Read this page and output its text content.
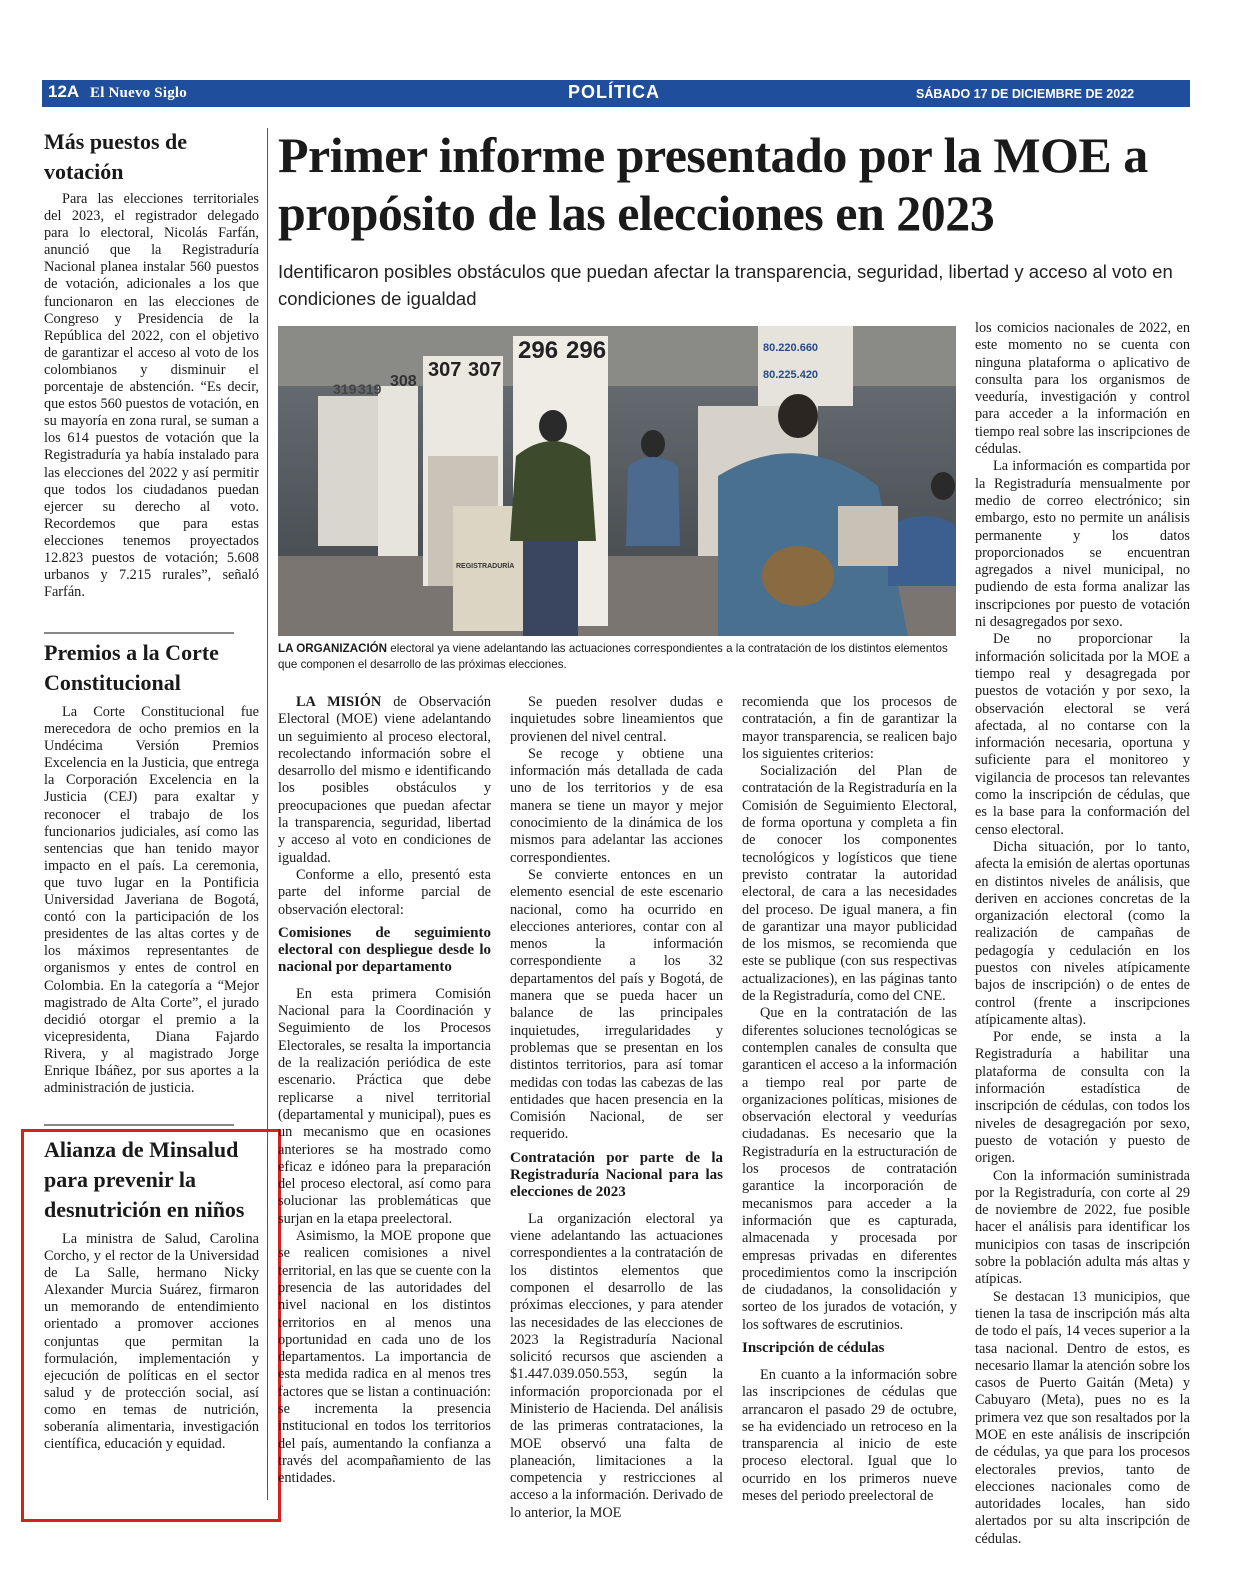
12A El Nuevo Siglo	POLÍTICA	SÁBADO 17 DE DICIEMBRE DE 2022
Más puestos de votación

Para las elecciones territoriales del 2023, el registrador delegado para lo electoral, Nicolás Farfán, anunció que la Registraduría Nacional planea instalar 560 puestos de votación, adicionales a los que funcionaron en las elecciones de Congreso y Presidencia de la República del 2022, con el objetivo de garantizar el acceso al voto de los colombianos y disminuir el porcentaje de abstención. “Es decir, que estos 560 puestos de votación, en su mayoría en zona rural, se suman a los 614 puestos de votación que la Registraduría ya había instalado para las elecciones del 2022 y así permitir que todos los ciudadanos puedan ejercer su derecho al voto. Recordemos que para estas elecciones tenemos proyectados 12.823 puestos de votación; 5.608 urbanos y 7.215 rurales”, señaló Farfán.

Premios a la Corte Constitucional

La Corte Constitucional fue merecedora de ocho premios en la Undécima Versión Premios Excelencia en la Justicia, que entrega la Corporación Excelencia en la Justicia (CEJ) para exaltar y reconocer el trabajo de los funcionarios judiciales, así como las sentencias que han tenido mayor impacto en el país. La ceremonia, que tuvo lugar en la Pontificia Universidad Javeriana de Bogotá, contó con la participación de los presidentes de las altas cortes y de los máximos representantes de organismos y entes de control en Colombia. En la categoría a “Mejor magistrado de Alta Corte”, el jurado decidió otorgar el premio a la vicepresidenta, Diana Fajardo Rivera, y al magistrado Jorge Enrique Ibáñez, por sus aportes a la administración de justicia.

Alianza de Minsalud para prevenir la desnutrición en niños

La ministra de Salud, Carolina Corcho, y el rector de la Universidad de La Salle, hermano Nicky Alexander Murcia Suárez, firmaron un memorando de entendimiento orientado a promover acciones conjuntas que permitan la formulación, implementación y ejecución de políticas en el sector salud y de protección social, así como en temas de nutrición, soberanía alimentaria, investigación científica, educación y equidad.

Primer informe presentado por la MOE a propósito de las elecciones en 2023
Identificaron posibles obstáculos que puedan afectar la transparencia, seguridad, libertad y acceso al voto en condiciones de igualdad
307 307
296 296
319 319 308
80.220.660
80.225.420
REGISTRADURÍA
LA ORGANIZACIÓN electoral ya viene adelantando las actuaciones correspondientes a la contratación de los distintos elementos que componen el desarrollo de las próximas elecciones.

LA MISIÓN de Observación Electoral (MOE) viene adelantando un seguimiento al proceso electoral, recolectando información sobre el desarrollo del mismo e identificando los posibles obstáculos y preocupaciones que puedan afectar la transparencia, seguridad, libertad y acceso al voto en condiciones de igualdad.

Conforme a ello, presentó esta parte del informe parcial de observación electoral:

Comisiones de seguimiento electoral con despliegue desde lo nacional por departamento

En esta primera Comisión Nacional para la Coordinación y Seguimiento de los Procesos Electorales, se resalta la importancia de la realización periódica de este escenario. Práctica que debe replicarse a nivel territorial (departamental y municipal), pues es un mecanismo que en ocasiones anteriores se ha mostrado como eficaz e idóneo para la preparación del proceso electoral, así como para solucionar las problemáticas que surjan en la etapa preelectoral.

Asimismo, la MOE propone que se realicen comisiones a nivel territorial, en las que se cuente con la presencia de las autoridades del nivel nacional en los distintos territorios en al menos una oportunidad en cada uno de los departamentos. La importancia de esta medida radica en al menos tres factores que se listan a continuación: se incrementa la presencia institucional en todos los territorios del país, aumentando la confianza a través del acompañamiento de las entidades.

Se pueden resolver dudas e inquietudes sobre lineamientos que provienen del nivel central.

Se recoge y obtiene una información más detallada de cada uno de los territorios y de esa manera se tiene un mayor y mejor conocimiento de la dinámica de los mismos para adelantar las acciones correspondientes.

Se convierte entonces en un elemento esencial de este escenario nacional, como ha ocurrido en elecciones anteriores, contar con al menos la información correspondiente a los 32 departamentos del país y Bogotá, de manera que se pueda hacer un balance de las principales inquietudes, irregularidades y problemas que se presentan en los distintos territorios, para así tomar medidas con todas las cabezas de las entidades que hacen presencia en la Comisión Nacional, de ser requerido.

Contratación por parte de la Registraduría Nacional para las elecciones de 2023

La organización electoral ya viene adelantando las actuaciones correspondientes a la contratación de los distintos elementos que componen el desarrollo de las próximas elecciones, y para atender las necesidades de las elecciones de 2023 la Registraduría Nacional solicitó recursos que ascienden a $1.447.039.050.553, según la información proporcionada por el Ministerio de Hacienda. Del análisis de las primeras contrataciones, la MOE observó una falta de planeación, limitaciones a la competencia y restricciones al acceso a la información. Derivado de lo anterior, la MOE

recomienda que los procesos de contratación, a fin de garantizar la mayor transparencia, se realicen bajo los siguientes criterios:

Socialización del Plan de contratación de la Registraduría en la Comisión de Seguimiento Electoral, de forma oportuna y completa a fin de conocer los componentes tecnológicos y logísticos que tiene previsto contratar la autoridad electoral, de cara a las necesidades del proceso. De igual manera, a fin de garantizar una mayor publicidad de los mismos, se recomienda que este se publique (con sus respectivas actualizaciones), en las páginas tanto de la Registraduría, como del CNE.

Que en la contratación de las diferentes soluciones tecnológicas se contemplen canales de consulta que garanticen el acceso a la información a tiempo real por parte de organizaciones políticas, misiones de observación electoral y veedurías ciudadanas. Es necesario que la Registraduría en la estructuración de los procesos de contratación garantice la incorporación de mecanismos para acceder a la información que es capturada, almacenada y procesada por empresas privadas en diferentes procedimientos como la inscripción de ciudadanos, la consolidación y sorteo de los jurados de votación, y los softwares de escrutinios.

Inscripción de cédulas

En cuanto a la información sobre las inscripciones de cédulas que arrancaron el pasado 29 de octubre, se ha evidenciado un retroceso en la transparencia al inicio de este proceso electoral. Igual que lo ocurrido en los primeros nueve meses del periodo preelectoral de

los comicios nacionales de 2022, en este momento no se cuenta con ninguna plataforma o aplicativo de consulta para los organismos de veeduría, investigación y control para acceder a la información en tiempo real sobre las inscripciones de cédulas.

La información es compartida por la Registraduría mensualmente por medio de correo electrónico; sin embargo, esto no permite un análisis permanente y los datos proporcionados se encuentran agregados a nivel municipal, no pudiendo de esta forma analizar las inscripciones por puesto de votación ni desagregados por sexo.

De no proporcionar la información solicitada por la MOE a tiempo real y desagregada por puestos de votación y por sexo, la observación electoral se verá afectada, al no contarse con la información necesaria, oportuna y suficiente para el monitoreo y vigilancia de procesos tan relevantes como la inscripción de cédulas, que es la base para la conformación del censo electoral.

Dicha situación, por lo tanto, afecta la emisión de alertas oportunas en distintos niveles de análisis, que deriven en acciones concretas de la organización electoral (como la realización de campañas de pedagogía y cedulación en los puestos con niveles atípicamente bajos de inscripción) o de entes de control (frente a inscripciones atípicamente altas).

Por ende, se insta a la Registraduría a habilitar una plataforma de consulta con la información estadística de inscripción de cédulas, con todos los niveles de desagregación por sexo, puesto de votación y puesto de origen.

Con la información suministrada por la Registraduría, con corte al 29 de noviembre de 2022, fue posible hacer el análisis para identificar los municipios con tasas de inscripción sobre la población adulta más altas y atípicas.

Se destacan 13 municipios, que tienen la tasa de inscripción más alta de todo el país, 14 veces superior a la tasa nacional. Dentro de estos, es necesario llamar la atención sobre los casos de Puerto Gaitán (Meta) y Cabuyaro (Meta), pues no es la primera vez que son resaltados por la MOE en este análisis de inscripción de cédulas, ya que para los procesos electorales previos, tanto de elecciones nacionales como de autoridades locales, han sido alertados por su alta inscripción de cédulas.
